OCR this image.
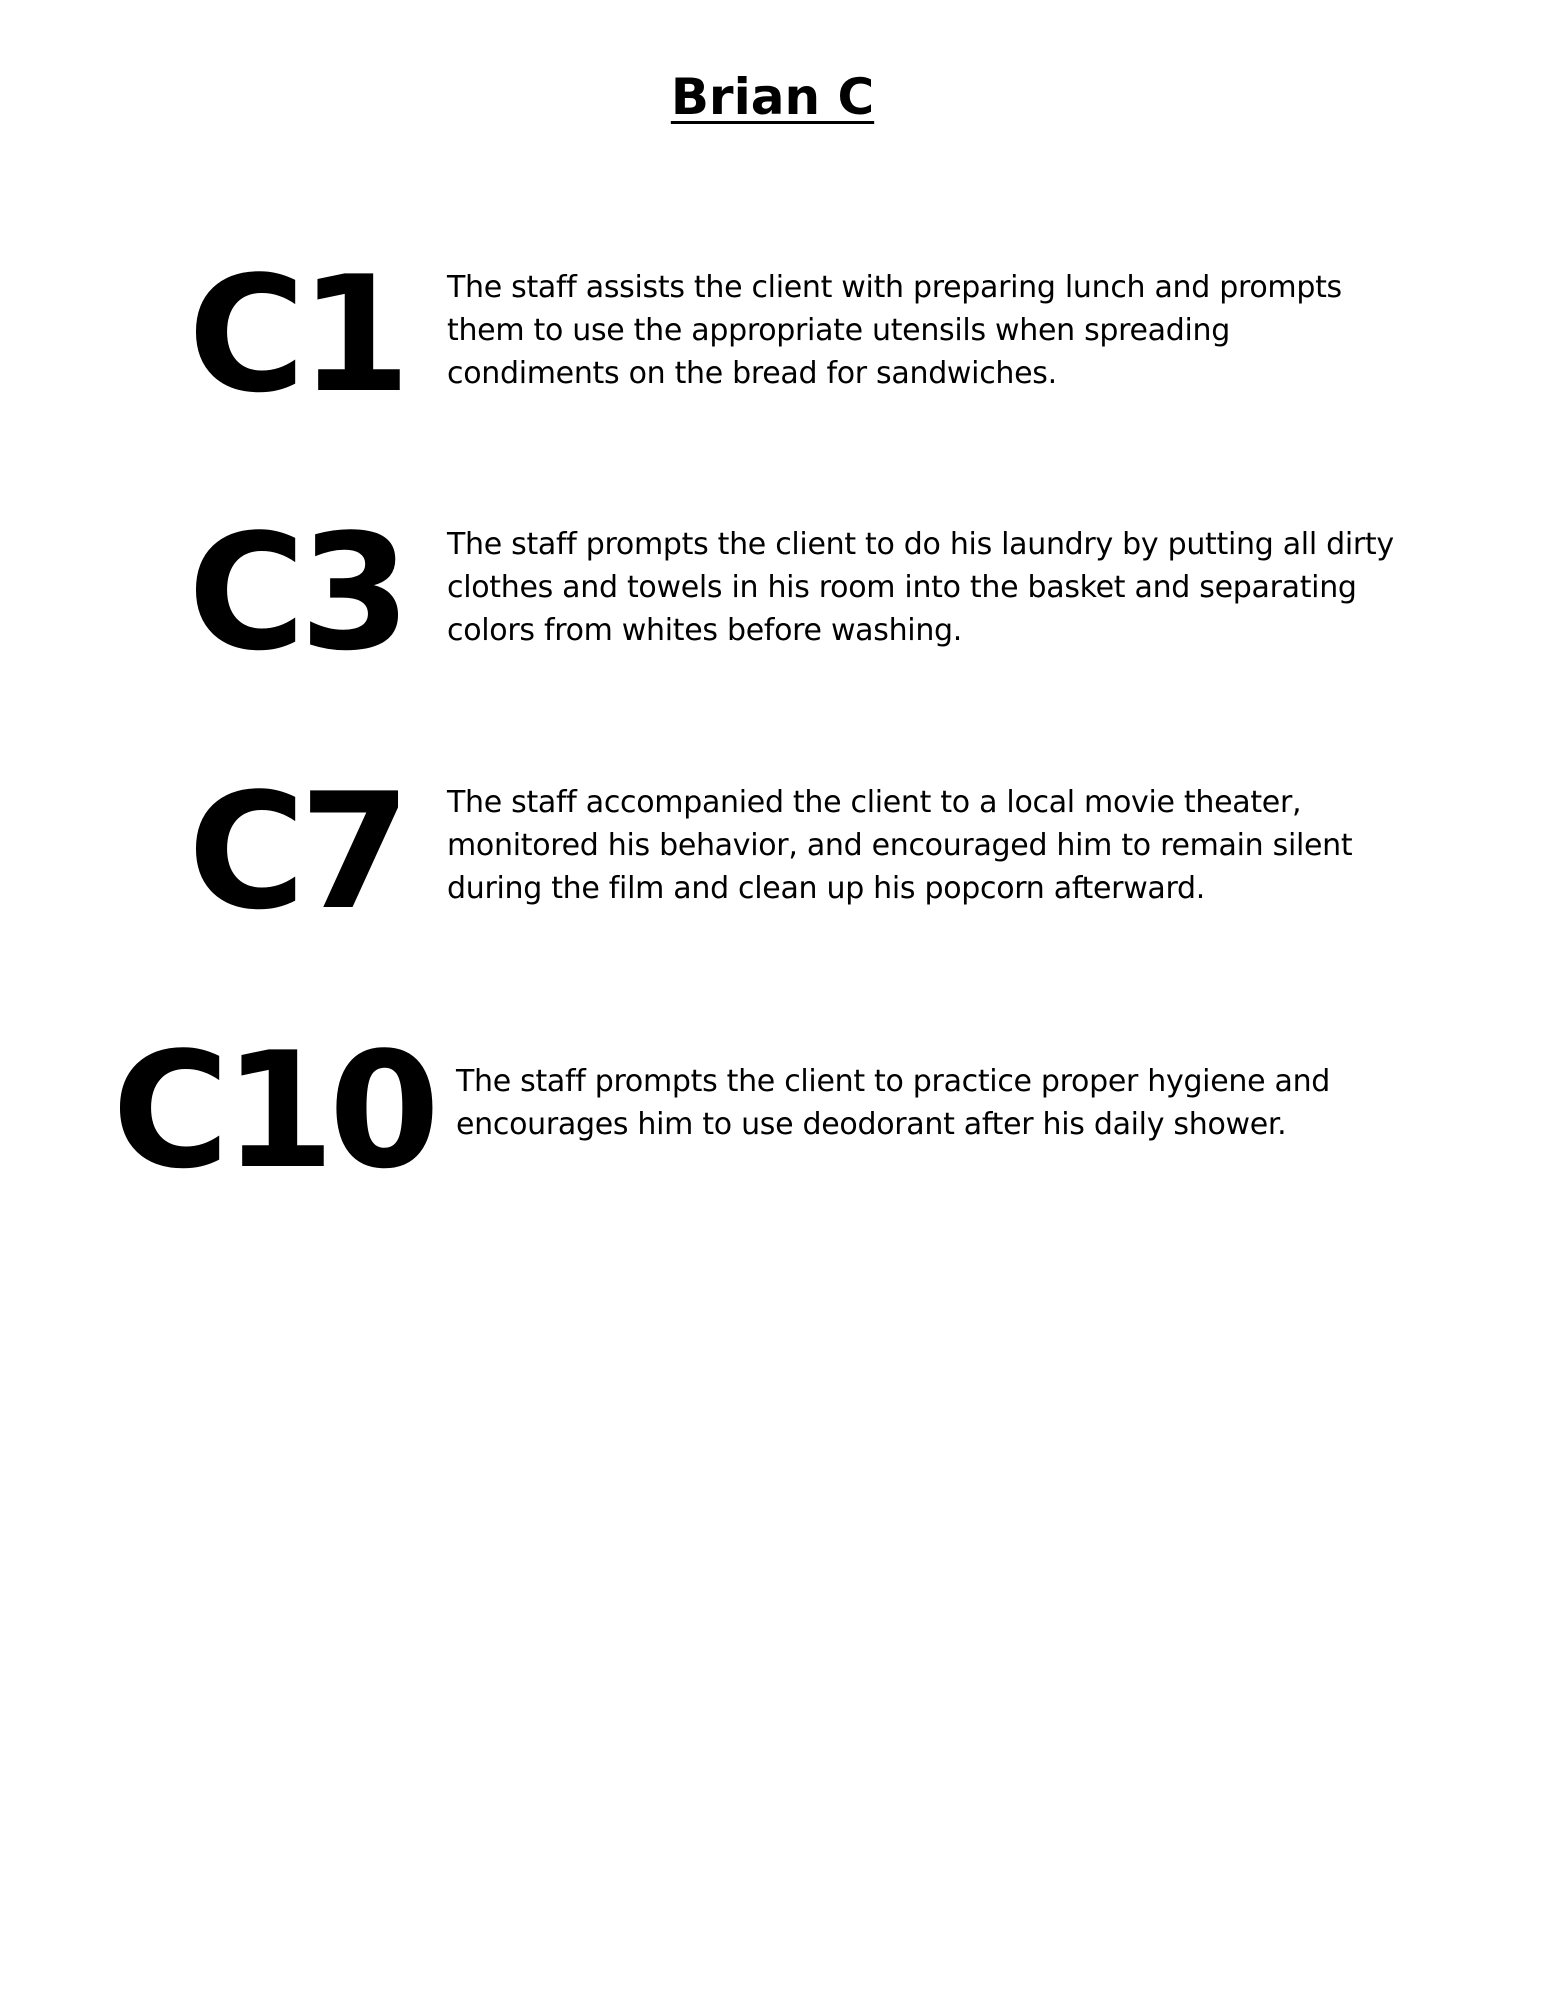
Brian C
C1 The staff assists the client with preparing lunch and prompts them to use the appropriate utensils when spreading condiments on the bread for sandwiches.

C3 The staff prompts the client to do his laundry by putting all dirty clothes and towels in his room into the basket and separating colors from whites before washing.

C7 The staff accompanied the client to a local movie theater, monitored his behavior, and encouraged him to remain silent during the film and clean up his popcorn afterward.

C10 The staff prompts the client to practice proper hygiene and encourages him to use deodorant after his daily shower.
